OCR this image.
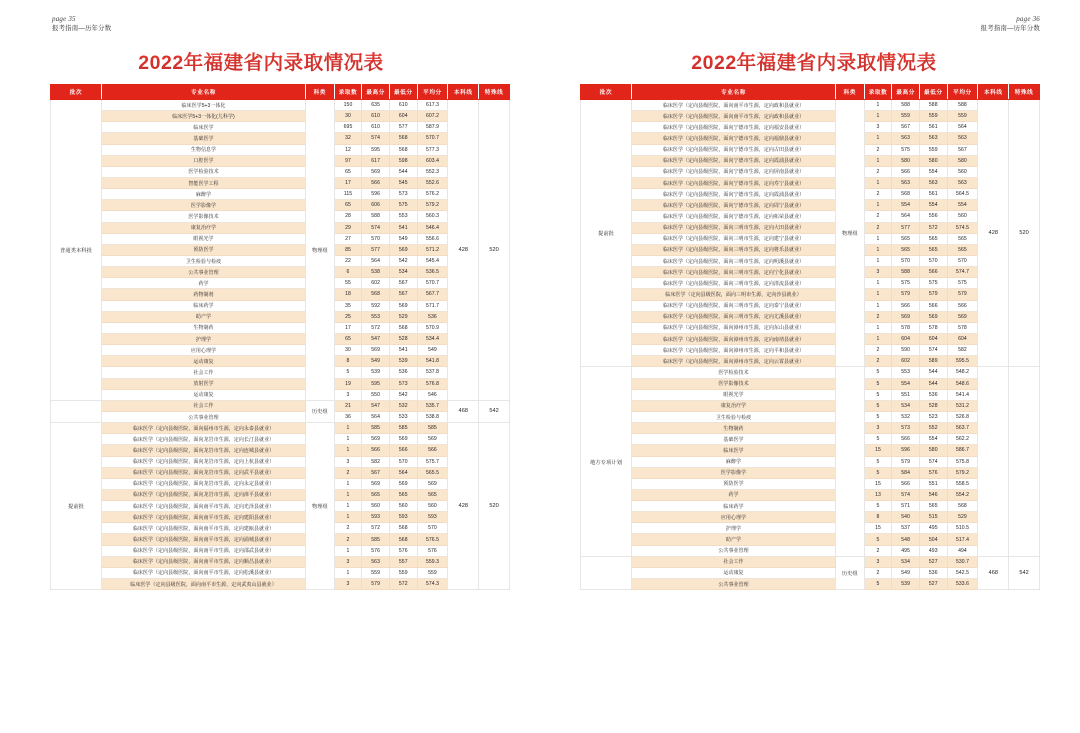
page 35
报考指南—历年分数
2022年福建省内录取情况表
批次	专业名称	科类	录取数	最高分	最低分	平均分	本科线	特殊线
普通类本科批	临床医学5+3一体化	物理组	150	635	610	617.3	428	520
	临床医学5+3一体化(儿科学)		30	610	604	607.2		
	临床医学		695	610	577	587.9		
	基础医学		32	574	568	570.7		
	生物信息学		12	595	568	577.3		
	口腔医学		97	617	598	603.4		
	医学检验技术		65	569	544	552.3		
	智能医学工程		17	566	545	552.6		
	麻醉学		115	596	573	576.2		
	医学影像学		65	606	575	579.2		
	医学影像技术		28	588	553	560.3		
	康复治疗学		29	574	541	546.4		
	眼视光学		27	570	549	556.6		
	预防医学		85	577	569	571.2		
	卫生检验与检疫		22	564	542	545.4		
	公共事业管理		6	538	534	536.5		
	药学		55	602	567	570.7		
	药物制剂		18	568	567	567.7		
	临床药学		35	592	569	571.7		
	助产学		25	553	529	536		
	生物制药		17	572	568	570.9		
	护理学		65	547	528	534.4		
	应用心理学		30	569	541	549		
	运动康复		8	549	539	541.8		
	社会工作		5	539	536	537.8		
	放射医学		19	595	573	576.8		
	运动康复		3	550	542	546		
	社会工作	历史组	21	547	532	535.7	468	542
	公共事业管理		36	564	533	538.8		
提前批	临床医学（定向县级医院，面向福州市生源，定向永泰县就业）	物理组	1	585	585	585	428	520
	临床医学（定向县级医院，面向龙岩市生源，定向长汀县就业）		1	569	569	569		
	临床医学（定向县级医院，面向龙岩市生源，定向连城县就业）		1	566	566	566		
	临床医学（定向县级医院，面向龙岩市生源，定向上杭县就业）		3	582	570	575.7		
	临床医学（定向县级医院，面向龙岩市生源，定向武平县就业）		2	567	564	565.5		
	临床医学（定向县级医院，面向龙岩市生源，定向永定县就业）		1	569	569	569		
	临床医学（定向县级医院，面向龙岩市生源，定向漳平县就业）		1	565	565	565		
	临床医学（定向县级医院，面向南平市生源，定向光泽县就业）		1	560	560	560		
	临床医学（定向县级医院，面向南平市生源，定向建阳县就业）		1	593	593	593		
	临床医学（定向县级医院，面向南平市生源，定向建瓯县就业）		2	572	568	570		
	临床医学（定向县级医院，面向南平市生源，定向浦城县就业）		2	585	568	576.5		
	临床医学（定向县级医院，面向南平市生源，定向邵武县就业）		1	576	576	576		
	临床医学（定向县级医院，面向南平市生源，定向顺昌县就业）		3	563	557	559.3		
	临床医学（定向县级医院，面向南平市生源，定向松溪县就业）		1	559	559	559		
	临床医学（定向县级医院，面向南平市生源，定向武夷山县就业）		3	579	572	574.3		
page 36
报考指南—历年分数
2022年福建省内录取情况表
批次	专业名称	科类	录取数	最高分	最低分	平均分	本科线	特殊线
提前批	临床医学（定向县级医院，面向南平市生源，定向政和县就业）	物理组	1	588	588	588	428	520
	临床医学（定向县级医院，面向南平市生源，定向政和县就业）		1	559	559	559		
	临床医学（定向县级医院，面向宁德市生源，定向福安县就业）		3	567	561	564		
	临床医学（定向县级医院，面向宁德市生源，定向福鼎县就业）		1	563	563	563		
	临床医学（定向县级医院，面向宁德市生源，定向古田县就业）		2	575	559	567		
	临床医学（定向县级医院，面向宁德市生源，定向霞浦县就业）		1	580	580	580		
	临床医学（定向县级医院，面向宁德市生源，定向屏南县就业）		2	566	554	560		
	临床医学（定向县级医院，面向宁德市生源，定向寿宁县就业）		1	563	563	563		
	临床医学（定向县级医院，面向宁德市生源，定向霞浦县就业）		2	568	561	564.5		
	临床医学（定向县级医院，面向宁德市生源，定向周宁县就业）		1	554	554	554		
	临床医学（定向县级医院，面向宁德市生源，定向柘荣县就业）		2	564	556	560		
	临床医学（定向县级医院，面向三明市生源，定向大田县就业）		2	577	572	574.5		
	临床医学（定向县级医院，面向三明市生源，定向建宁县就业）		1	565	565	565		
	临床医学（定向县级医院，面向三明市生源，定向将乐县就业）		1	565	565	565		
	临床医学（定向县级医院，面向三明市生源，定向明溪县就业）		1	570	570	570		
	临床医学（定向县级医院，面向三明市生源，定向宁化县就业）		3	588	566	574.7		
	临床医学（定向县级医院，面向三明市生源，定向清流县就业）		1	575	575	575		
	临床医学（定向县级医院，面向三明市生源，定向沙县就业）		1	579	579	579		
	临床医学（定向县级医院，面向三明市生源，定向泰宁县就业）		1	566	566	566		
	临床医学（定向县级医院，面向三明市生源，定向尤溪县就业）		2	569	569	569		
	临床医学（定向县级医院，面向漳州市生源，定向东山县就业）		1	578	578	578		
	临床医学（定向县级医院，面向漳州市生源，定向南靖县就业）		1	604	604	604		
	临床医学（定向县级医院，面向漳州市生源，定向平和县就业）		2	590	574	582		
	临床医学（定向县级医院，面向漳州市生源，定向云霄县就业）		2	602	589	595.5		
地方专项计划	医学检验技术		5	553	544	548.2		
	医学影像技术		5	554	544	548.6		
	眼视光学		5	551	536	541.4		
	康复治疗学		5	534	528	531.2		
	卫生检验与检疫		5	532	523	526.8		
	生物制药		3	573	552	563.7		
	基础医学		5	566	554	562.2		
	临床医学		15	596	580	586.7		
	麻醉学		5	579	574	575.8		
	医学影像学		5	584	576	579.2		
	预防医学		15	566	551	558.5		
	药学		13	574	546	554.2		
	临床药学		5	571	565	568		
	应用心理学		8	540	515	529		
	护理学		15	537	495	510.5		
	助产学		5	548	504	517.4		
	公共事业管理		2	495	493	494		
	社会工作	历史组	3	534	527	530.7	468	542
	运动康复		2	549	536	542.5		
	公共事业管理		5	539	527	533.6		
